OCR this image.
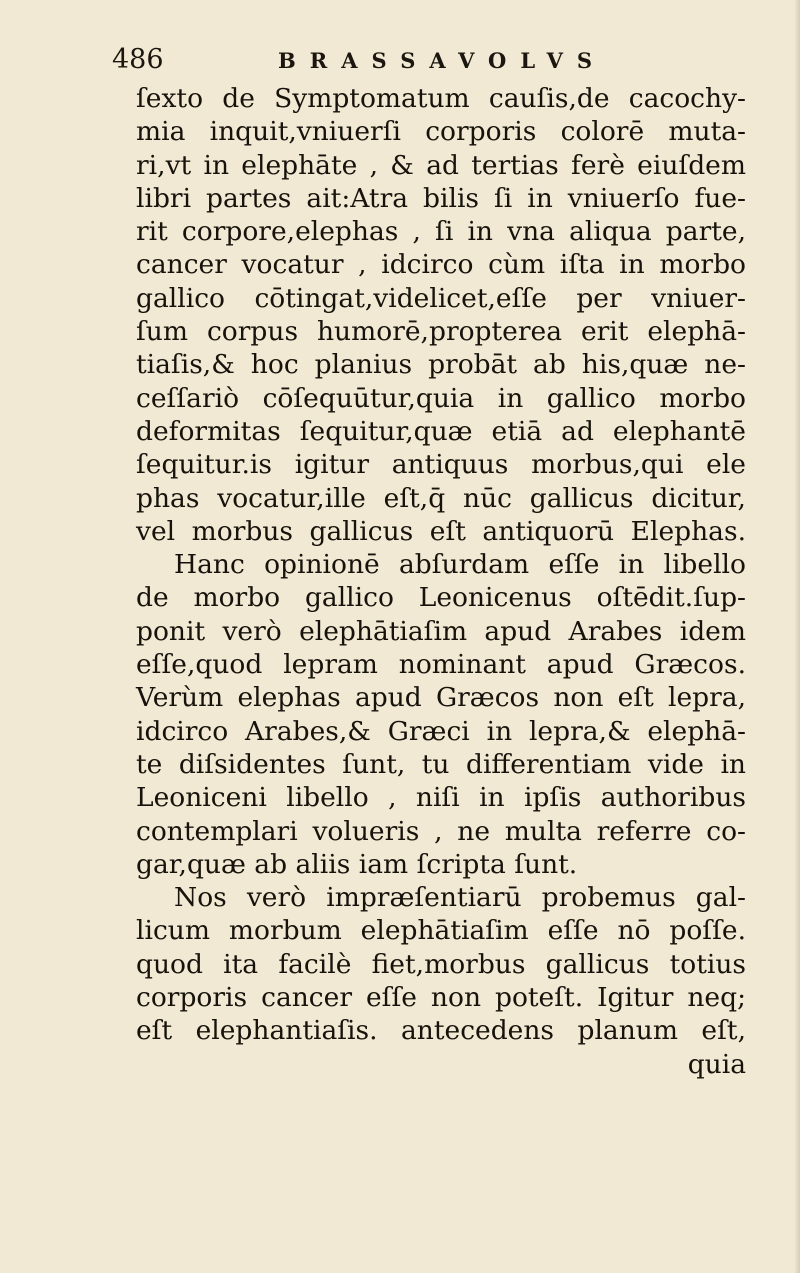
486	BRASSAVOLVS
ſexto de Symptomatum cauſis,de cacochy-
mia inquit,vniuerſi corporis colorē muta-
ri,vt in elephāte , & ad tertias ferè eiuſdem
libri partes ait:Atra bilis ſi in vniuerſo fue-
rit corpore,elephas , ſi in vna aliqua parte,
cancer vocatur , idcirco cùm iſta in morbo
gallico cōtingat,videlicet,eſſe per vniuer-
ſum corpus humorē,propterea erit elephā-
tiaſis,& hoc planius probāt ab his,quæ ne-
ceſſariò cōſequūtur,quia in gallico morbo
deformitas ſequitur,quæ etiā ad elephantē
ſequitur.is igitur antiquus morbus,qui ele
phas vocatur,ille eſt,q̄ nūc gallicus dicitur,
vel morbus gallicus eſt antiquorū Elephas.
Hanc opinionē abſurdam eſſe in libello
de morbo gallico Leonicenus oſtēdit.ſup-
ponit verò elephātiaſim apud Arabes idem
eſſe,quod lepram nominant apud Græcos.
Verùm elephas apud Græcos non eſt lepra,
idcirco Arabes,& Græci in lepra,& elephā-
te diſsidentes ſunt, tu differentiam vide in
Leoniceni libello , niſi in ipſis authoribus
contemplari volueris , ne multa referre co-
gar,quæ ab aliis iam ſcripta ſunt.
Nos verò impræſentiarū probemus gal-
licum morbum elephātiaſim eſſe nō poſſe.
quod ita facilè fiet,morbus gallicus totius
corporis cancer eſſe non poteſt. Igitur neq;
eſt elephantiaſis. antecedens planum eſt,
quia
